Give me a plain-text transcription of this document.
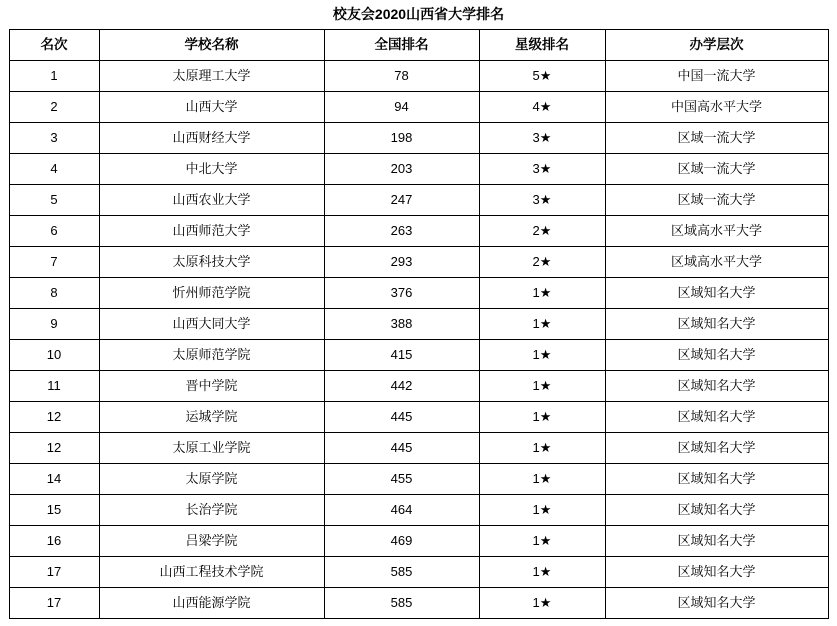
校友会2020山西省大学排名
名次	学校名称	全国排名	星级排名	办学层次
1	太原理工大学	78	5★	中国一流大学
2	山西大学	94	4★	中国高水平大学
3	山西财经大学	198	3★	区域一流大学
4	中北大学	203	3★	区域一流大学
5	山西农业大学	247	3★	区域一流大学
6	山西师范大学	263	2★	区域高水平大学
7	太原科技大学	293	2★	区域高水平大学
8	忻州师范学院	376	1★	区域知名大学
9	山西大同大学	388	1★	区域知名大学
10	太原师范学院	415	1★	区域知名大学
11	晋中学院	442	1★	区域知名大学
12	运城学院	445	1★	区域知名大学
12	太原工业学院	445	1★	区域知名大学
14	太原学院	455	1★	区域知名大学
15	长治学院	464	1★	区域知名大学
16	吕梁学院	469	1★	区域知名大学
17	山西工程技术学院	585	1★	区域知名大学
17	山西能源学院	585	1★	区域知名大学
